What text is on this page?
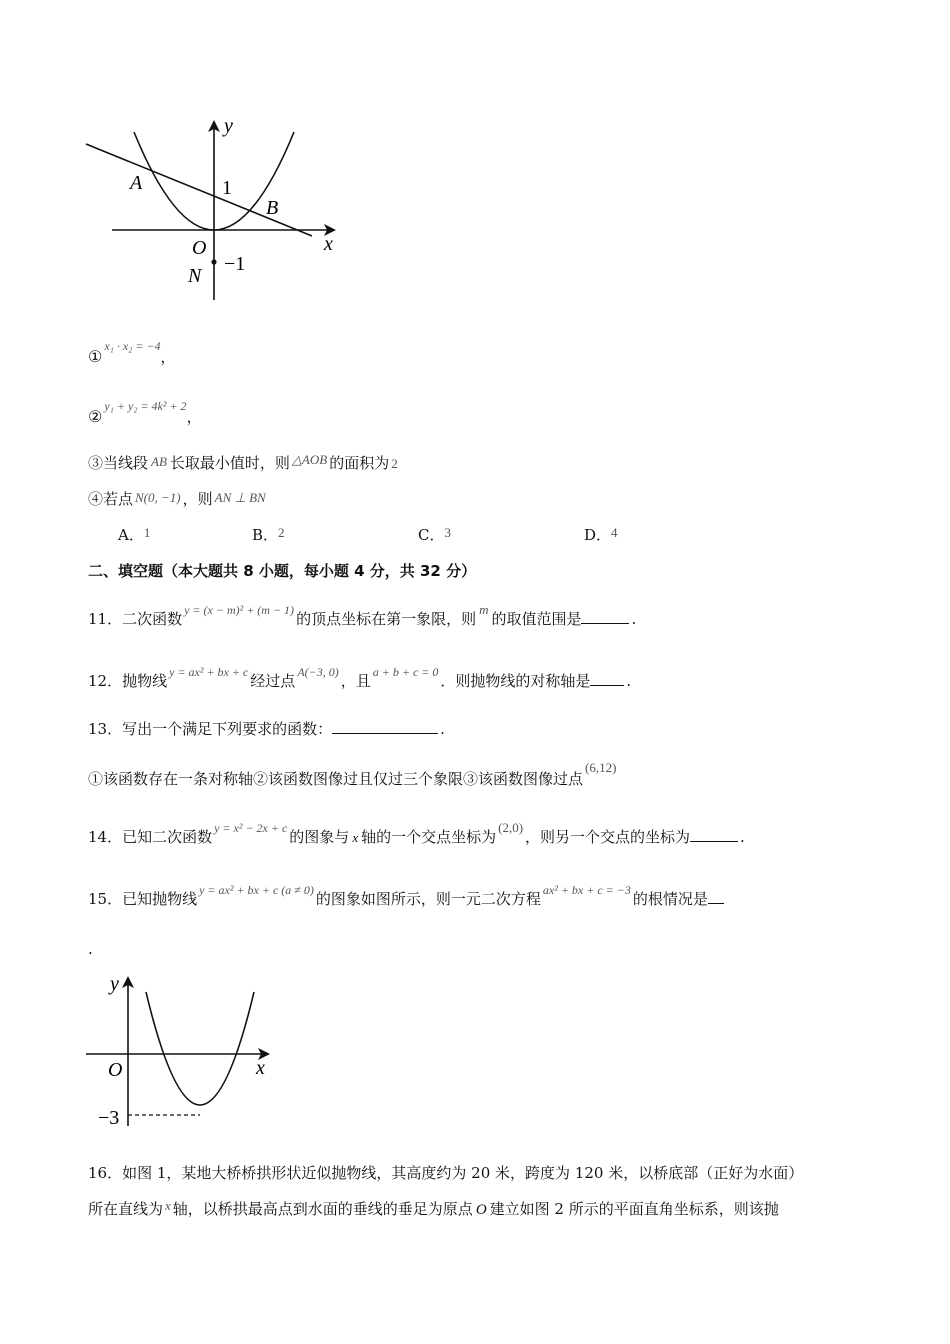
y
x
O
A
B
N
1
−1
①x₁ · x₂ = −4，
②y₁ + y₂ = 4k² + 2，
③当线段 AB 长取最小值时，则 △AOB 的面积为 2
④若点 N(0, −1) ，则 AN ⊥ BN
A．1	B．2	C．3	D．4
二、填空题（本大题共 8 小题，每小题 4 分，共 32 分）
11．二次函数 y = (x − m)² + (m − 1) 的顶点坐标在第一象限，则m的取值范围是	.
12．抛物线 y = ax² + bx + c 经过点 A(−3, 0) ，且 a + b + c = 0 ．则抛物线的对称轴是 .
13．写出一个满足下列要求的函数：	.
①该函数存在一条对称轴②该函数图像过且仅过三个象限③该函数图像过点(6,12)
14．已知二次函数 y = x² − 2x + c 的图象与 x 轴的一个交点坐标为(2,0)，则另一个交点的坐标为	.
15．已知抛物线 y = ax² + bx + c (a ≠ 0) 的图象如图所示，则一元二次方程 ax² + bx + c = −3 的根情况是
.
y
x
O
−3
16．如图 1，某地大桥桥拱形状近似抛物线，其高度约为 20 米，跨度为 120 米，以桥底部（正好为水面）
所在直线为 x 轴，以桥拱最高点到水面的垂线的垂足为原点 O 建立如图 2 所示的平面直角坐标系，则该抛
